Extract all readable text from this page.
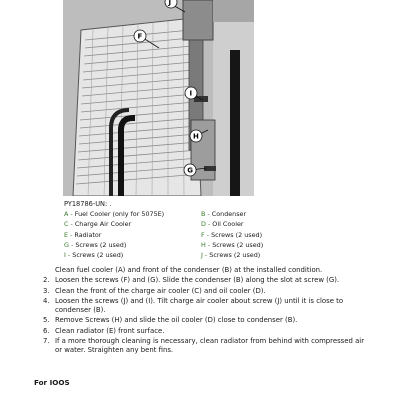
J
F
I
H
G
PY18786-UN: .
A - Fuel Cooler (only for 5075E)	B - Condenser
C - Charge Air Cooler	D - Oil Cooler
E - Radiator	F - Screws (2 used)
G - Screws (2 used)	H - Screws (2 used)
I - Screws (2 used)	J - Screws (2 used)
Clean fuel cooler (A) and front of the condenser (B) at the installed condition.
2. Loosen the screws (F) and (G). Slide the condenser (B) along the slot at screw (G).
3. Clean the front of the charge air cooler (C) and oil cooler (D).
4. Loosen the screws (J) and (I). Tilt charge air cooler about screw (J) until it is close to condenser (B).
5. Remove Screws (H) and slide the oil cooler (D) close to condenser (B).
6. Clean radiator (E) front surface.
7. If a more thorough cleaning is necessary, clean radiator from behind with compressed air or water. Straighten any bent fins.
For IOOS
